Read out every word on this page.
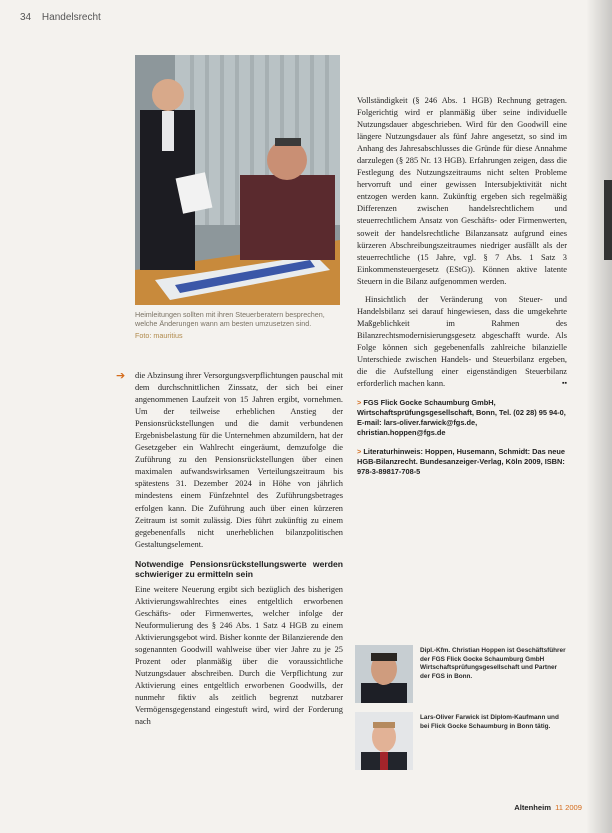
34 Handelsrecht
Heimleitungen sollten mit ihren Steuerberatern besprechen, welche Änderungen wann am besten umzusetzen sind.
Foto: mauritius
➔ die Abzinsung ihrer Versorgungsverpflichtungen pauschal mit dem durchschnittlichen Zinssatz, der sich bei einer angenommenen Laufzeit von 15 Jahren ergibt, vornehmen. Um der teilweise erheblichen Anstieg der Pensionsrückstellungen und die damit verbundenen Ergebnisbelastung für die Unternehmen abzumildern, hat der Gesetzgeber ein Wahlrecht eingeräumt, demzufolge die Zuführung zu den Pensionsrückstellungen über einen maximalen aufwandswirksamen Verteilungszeitraum bis spätestens 31. Dezember 2024 in Höhe von jährlich mindestens einem Fünfzehntel des Zuführungsbetrages erfolgen kann. Die Zuführung auch über einen kürzeren Zeitraum ist somit zulässig. Dies führt zukünftig zu einem gegebenenfalls nicht unerheblichen bilanzpolitischen Gestaltungselement.

Notwendige Pensionsrückstellungswerte werden schwieriger zu ermitteln sein

Eine weitere Neuerung ergibt sich bezüglich des bisherigen Aktivierungswahlrechtes eines entgeltlich erworbenen Geschäfts- oder Firmenwertes, welcher infolge der Neuformulierung des § 246 Abs. 1 Satz 4 HGB zu einem Aktivierungsgebot wird. Bisher konnte der Bilanzierende den sogenannten Goodwill wahlweise über vier Jahre zu je 25 Prozent oder planmäßig über die voraussichtliche Nutzungsdauer abschreiben. Durch die Verpflichtung zur Aktivierung eines entgeltlich erworbenen Goodwills, der nunmehr fiktiv als zeitlich begrenzt nutzbarer Vermögensgegenstand eingestuft wird, wird der Forderung nach

Vollständigkeit (§ 246 Abs. 1 HGB) Rechnung getragen. Folgerichtig wird er planmäßig über seine individuelle Nutzungsdauer abgeschrieben. Wird für den Goodwill eine längere Nutzungsdauer als fünf Jahre angesetzt, so sind im Anhang des Jahresabschlusses die Gründe für diese Annahme darzulegen (§ 285 Nr. 13 HGB). Erfahrungen zeigen, dass die Festlegung des Nutzungszeitraums nicht selten Probleme hervorruft und einer gewissen Intersubjektivität nicht entzogen werden kann. Zukünftig ergeben sich regelmäßig Differenzen zwischen handelsrechtlichem und steuerrechtlichem Ansatz von Geschäfts- oder Firmenwerten, soweit der handelsrechtliche Bilanzansatz aufgrund eines kürzeren Abschreibungszeitraumes niedriger ausfällt als der steuerrechtliche (15 Jahre, vgl. § 7 Abs. 1 Satz 3 Einkommensteuergesetz (EStG)). Können aktive latente Steuern in die Bilanz aufgenommen werden.

Hinsichtlich der Veränderung von Steuer- und Handelsbilanz sei darauf hingewiesen, dass die umgekehrte Maßgeblichkeit im Rahmen des Bilanzrechtsmodernisierungsgesetz abgeschafft wurde. Als Folge können sich gegebenenfalls zahlreiche bilanzielle Unterschiede zwischen Handels- und Steuerbilanz ergeben, die die Aufstellung einer eigenständigen Steuerbilanz erforderlich machen kann.	▪▪

> FGS Flick Gocke Schaumburg GmbH, Wirtschaftsprüfungsgesellschaft, Bonn, Tel. (02 28) 95 94-0, E-mail: lars-oliver.farwick@fgs.de, christian.hoppen@fgs.de
> Literaturhinweis: Hoppen, Husemann, Schmidt: Das neue HGB-Bilanzrecht. Bundesanzeiger-Verlag, Köln 2009, ISBN: 978-3-89817-708-5
Dipl.-Kfm. Christian Hoppen ist Geschäftsführer der FGS Flick Gocke Schaumburg GmbH Wirtschaftsprüfungsgesellschaft und Partner der FGS in Bonn.
Lars-Oliver Farwick ist Diplom-Kaufmann und bei Flick Gocke Schaumburg in Bonn tätig.
Altenheim 11 2009
